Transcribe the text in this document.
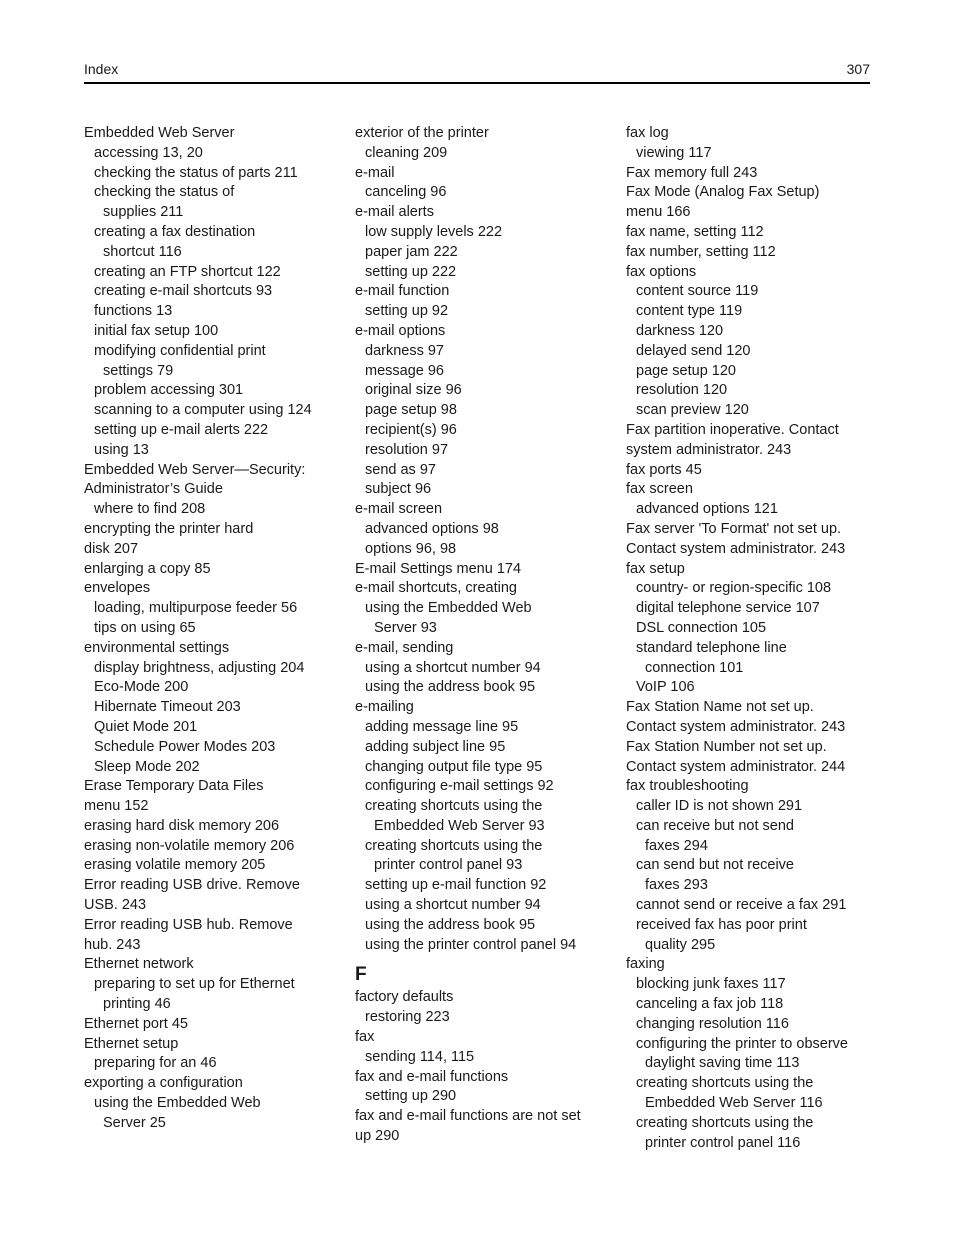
Index	307
Embedded Web Server
accessing 13, 20
checking the status of parts 211
checking the status of
supplies 211
creating a fax destination
shortcut 116
creating an FTP shortcut 122
creating e-mail shortcuts 93
functions 13
initial fax setup 100
modifying confidential print
settings 79
problem accessing 301
scanning to a computer using 124
setting up e-mail alerts 222
using 13
Embedded Web Server—Security:
Administrator’s Guide
where to find 208
encrypting the printer hard
disk 207
enlarging a copy 85
envelopes
loading, multipurpose feeder 56
tips on using 65
environmental settings
display brightness, adjusting 204
Eco-Mode 200
Hibernate Timeout 203
Quiet Mode 201
Schedule Power Modes 203
Sleep Mode 202
Erase Temporary Data Files
menu 152
erasing hard disk memory 206
erasing non-volatile memory 206
erasing volatile memory 205
Error reading USB drive. Remove
USB. 243
Error reading USB hub. Remove
hub. 243
Ethernet network
preparing to set up for Ethernet
printing 46
Ethernet port 45
Ethernet setup
preparing for an 46
exporting a configuration
using the Embedded Web
Server 25
exterior of the printer
cleaning 209
e-mail
canceling 96
e-mail alerts
low supply levels 222
paper jam 222
setting up 222
e-mail function
setting up 92
e-mail options
darkness 97
message 96
original size 96
page setup 98
recipient(s) 96
resolution 97
send as 97
subject 96
e-mail screen
advanced options 98
options 96, 98
E-mail Settings menu 174
e-mail shortcuts, creating
using the Embedded Web
Server 93
e-mail, sending
using a shortcut number 94
using the address book 95
e-mailing
adding message line 95
adding subject line 95
changing output file type 95
configuring e-mail settings 92
creating shortcuts using the
Embedded Web Server 93
creating shortcuts using the
printer control panel 93
setting up e-mail function 92
using a shortcut number 94
using the address book 95
using the printer control panel 94
F
factory defaults
restoring 223
fax
sending 114, 115
fax and e-mail functions
setting up 290
fax and e-mail functions are not set
up 290
fax log
viewing 117
Fax memory full 243
Fax Mode (Analog Fax Setup)
menu 166
fax name, setting 112
fax number, setting 112
fax options
content source 119
content type 119
darkness 120
delayed send 120
page setup 120
resolution 120
scan preview 120
Fax partition inoperative. Contact
system administrator. 243
fax ports 45
fax screen
advanced options 121
Fax server 'To Format' not set up.
Contact system administrator. 243
fax setup
country- or region-specific 108
digital telephone service 107
DSL connection 105
standard telephone line
connection 101
VoIP 106
Fax Station Name not set up.
Contact system administrator. 243
Fax Station Number not set up.
Contact system administrator. 244
fax troubleshooting
caller ID is not shown 291
can receive but not send
faxes 294
can send but not receive
faxes 293
cannot send or receive a fax 291
received fax has poor print
quality 295
faxing
blocking junk faxes 117
canceling a fax job 118
changing resolution 116
configuring the printer to observe
daylight saving time 113
creating shortcuts using the
Embedded Web Server 116
creating shortcuts using the
printer control panel 116
